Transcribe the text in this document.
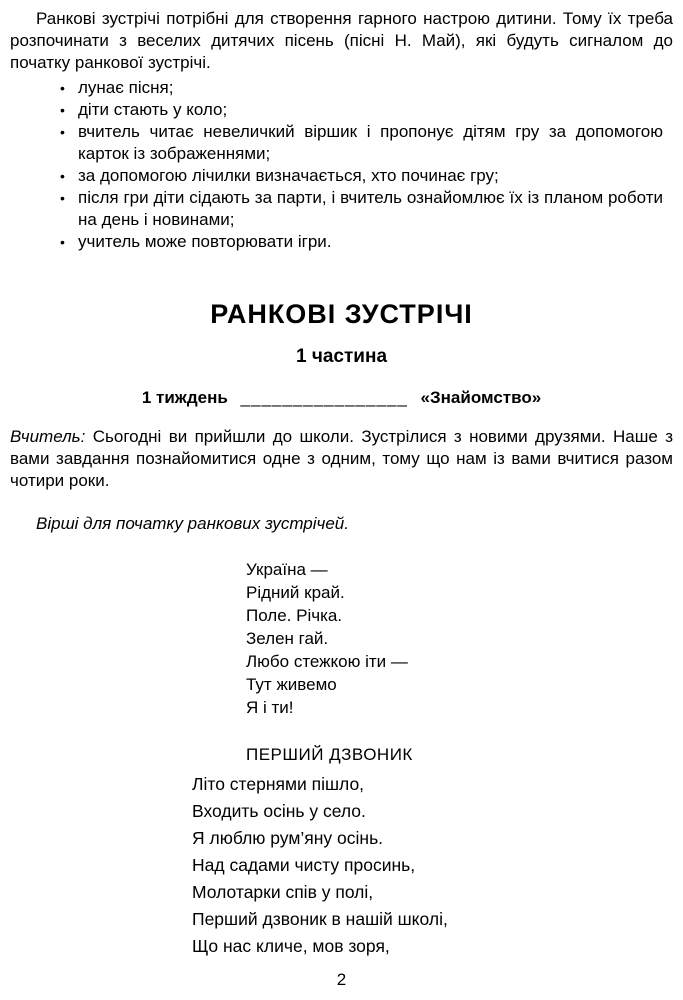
Ранкові зустрічі потрібні для створення гарного настрою дитини. Тому їх треба розпочинати з веселих дитячих пісень (пісні Н. Май), які будуть сигналом до початку ранкової зустрічі.

• лунає пісня;
• діти стають у коло;
• вчитель читає невеличкий віршик і пропонує дітям гру за допомогою карток із зображеннями;
• за допомогою лічилки визначається, хто починає гру;
• після гри діти сідають за парти, і вчитель ознайомлює їх із планом роботи на день і новинами;
• учитель може повторювати ігри.
РАНКОВІ ЗУСТРІЧІ
1 частина

1 тиждень ________________ «Знайомство»

Вчитель: Сьогодні ви прийшли до школи. Зустрілися з новими друзями. Наше з вами завдання познайомитися одне з одним, тому що нам із вами вчитися разом чотири роки.

Вірші для початку ранкових зустрічей.

Україна —
Рідний край.
Поле. Річка.
Зелен гай.
Любо стежкою іти —
Тут живемо
Я і ти!
ПЕРШИЙ ДЗВОНИК
Літо стернями пішло,
Входить осінь у село.
Я люблю рум’яну осінь.
Над садами чисту просинь,
Молотарки спів у полі,
Перший дзвоник в нашій школі,
Що нас кличе, мов зоря,
2
